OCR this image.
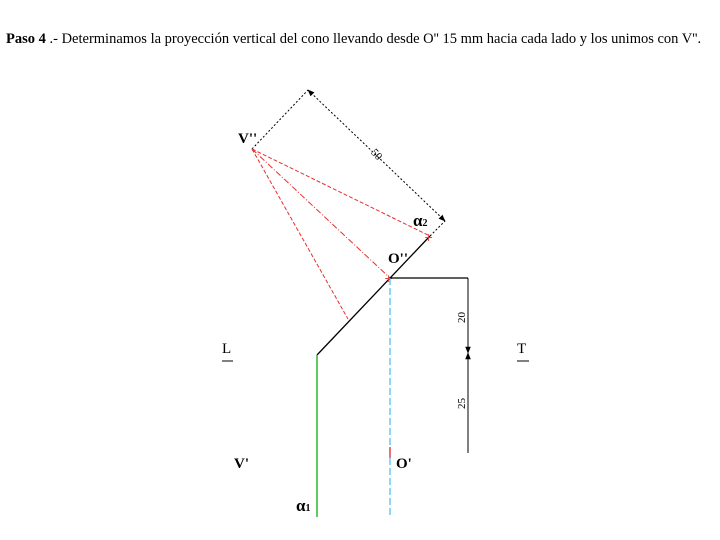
Paso 4 .- Determinamos la proyección vertical del cono llevando desde O'' 15 mm hacia cada lado y los unimos con V''.
50
+
+
20
25
L	T
V''
O''
α2
V'	O'
α1
